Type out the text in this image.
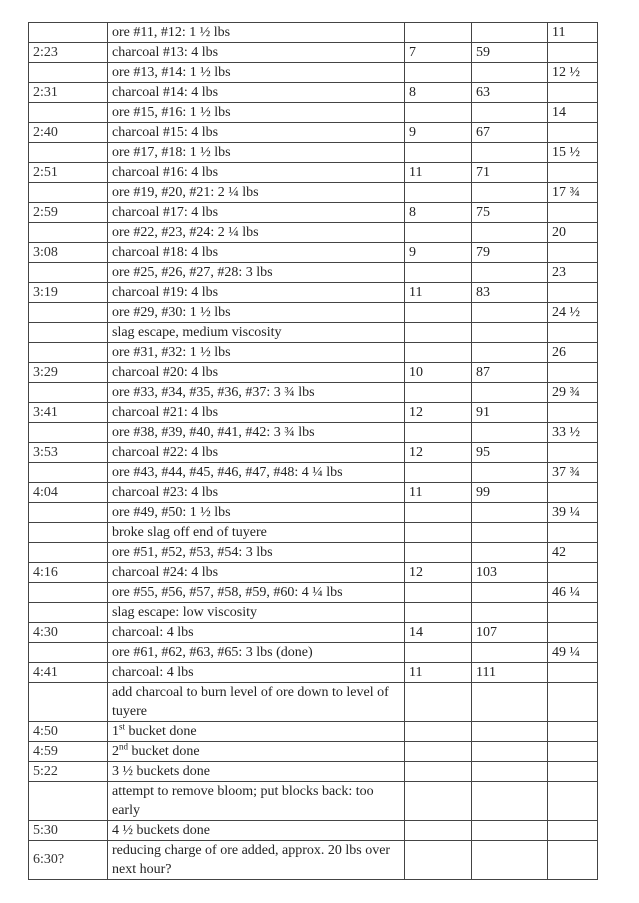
	ore #11, #12: 1 ½ lbs			11
2:23	charcoal #13: 4 lbs	7	59	
	ore #13, #14: 1 ½ lbs			12 ½
2:31	charcoal #14: 4 lbs	8	63	
	ore #15, #16: 1 ½ lbs			14
2:40	charcoal #15: 4 lbs	9	67	
	ore #17, #18: 1 ½ lbs			15 ½
2:51	charcoal #16: 4 lbs	11	71	
	ore #19, #20, #21: 2 ¼ lbs			17 ¾
2:59	charcoal #17: 4 lbs	8	75	
	ore #22, #23, #24: 2 ¼ lbs			20
3:08	charcoal #18: 4 lbs	9	79	
	ore #25, #26, #27, #28: 3 lbs			23
3:19	charcoal #19: 4 lbs	11	83	
	ore #29, #30: 1 ½ lbs			24 ½
	slag escape, medium viscosity			
	ore #31, #32: 1 ½ lbs			26
3:29	charcoal #20: 4 lbs	10	87	
	ore #33, #34, #35, #36, #37: 3 ¾ lbs			29 ¾
3:41	charcoal #21: 4 lbs	12	91	
	ore #38, #39, #40, #41, #42: 3 ¾ lbs			33 ½
3:53	charcoal #22: 4 lbs	12	95	
	ore #43, #44, #45, #46, #47, #48: 4 ¼ lbs			37 ¾
4:04	charcoal #23: 4 lbs	11	99	
	ore #49, #50: 1 ½ lbs			39 ¼
	broke slag off end of tuyere			
	ore #51, #52, #53, #54: 3 lbs			42
4:16	charcoal #24: 4 lbs	12	103	
	ore #55, #56, #57, #58, #59, #60: 4 ¼ lbs			46 ¼
	slag escape: low viscosity			
4:30	charcoal: 4 lbs	14	107	
	ore #61, #62, #63, #65: 3 lbs (done)			49 ¼
4:41	charcoal: 4 lbs	11	111	
	add charcoal to burn level of ore down to level of tuyere			
4:50	1st bucket done			
4:59	2nd bucket done			
5:22	3 ½ buckets done			
	attempt to remove bloom; put blocks back: too early			
5:30	4 ½ buckets done			
6:30?	reducing charge of ore added, approx. 20 lbs over next hour?			
